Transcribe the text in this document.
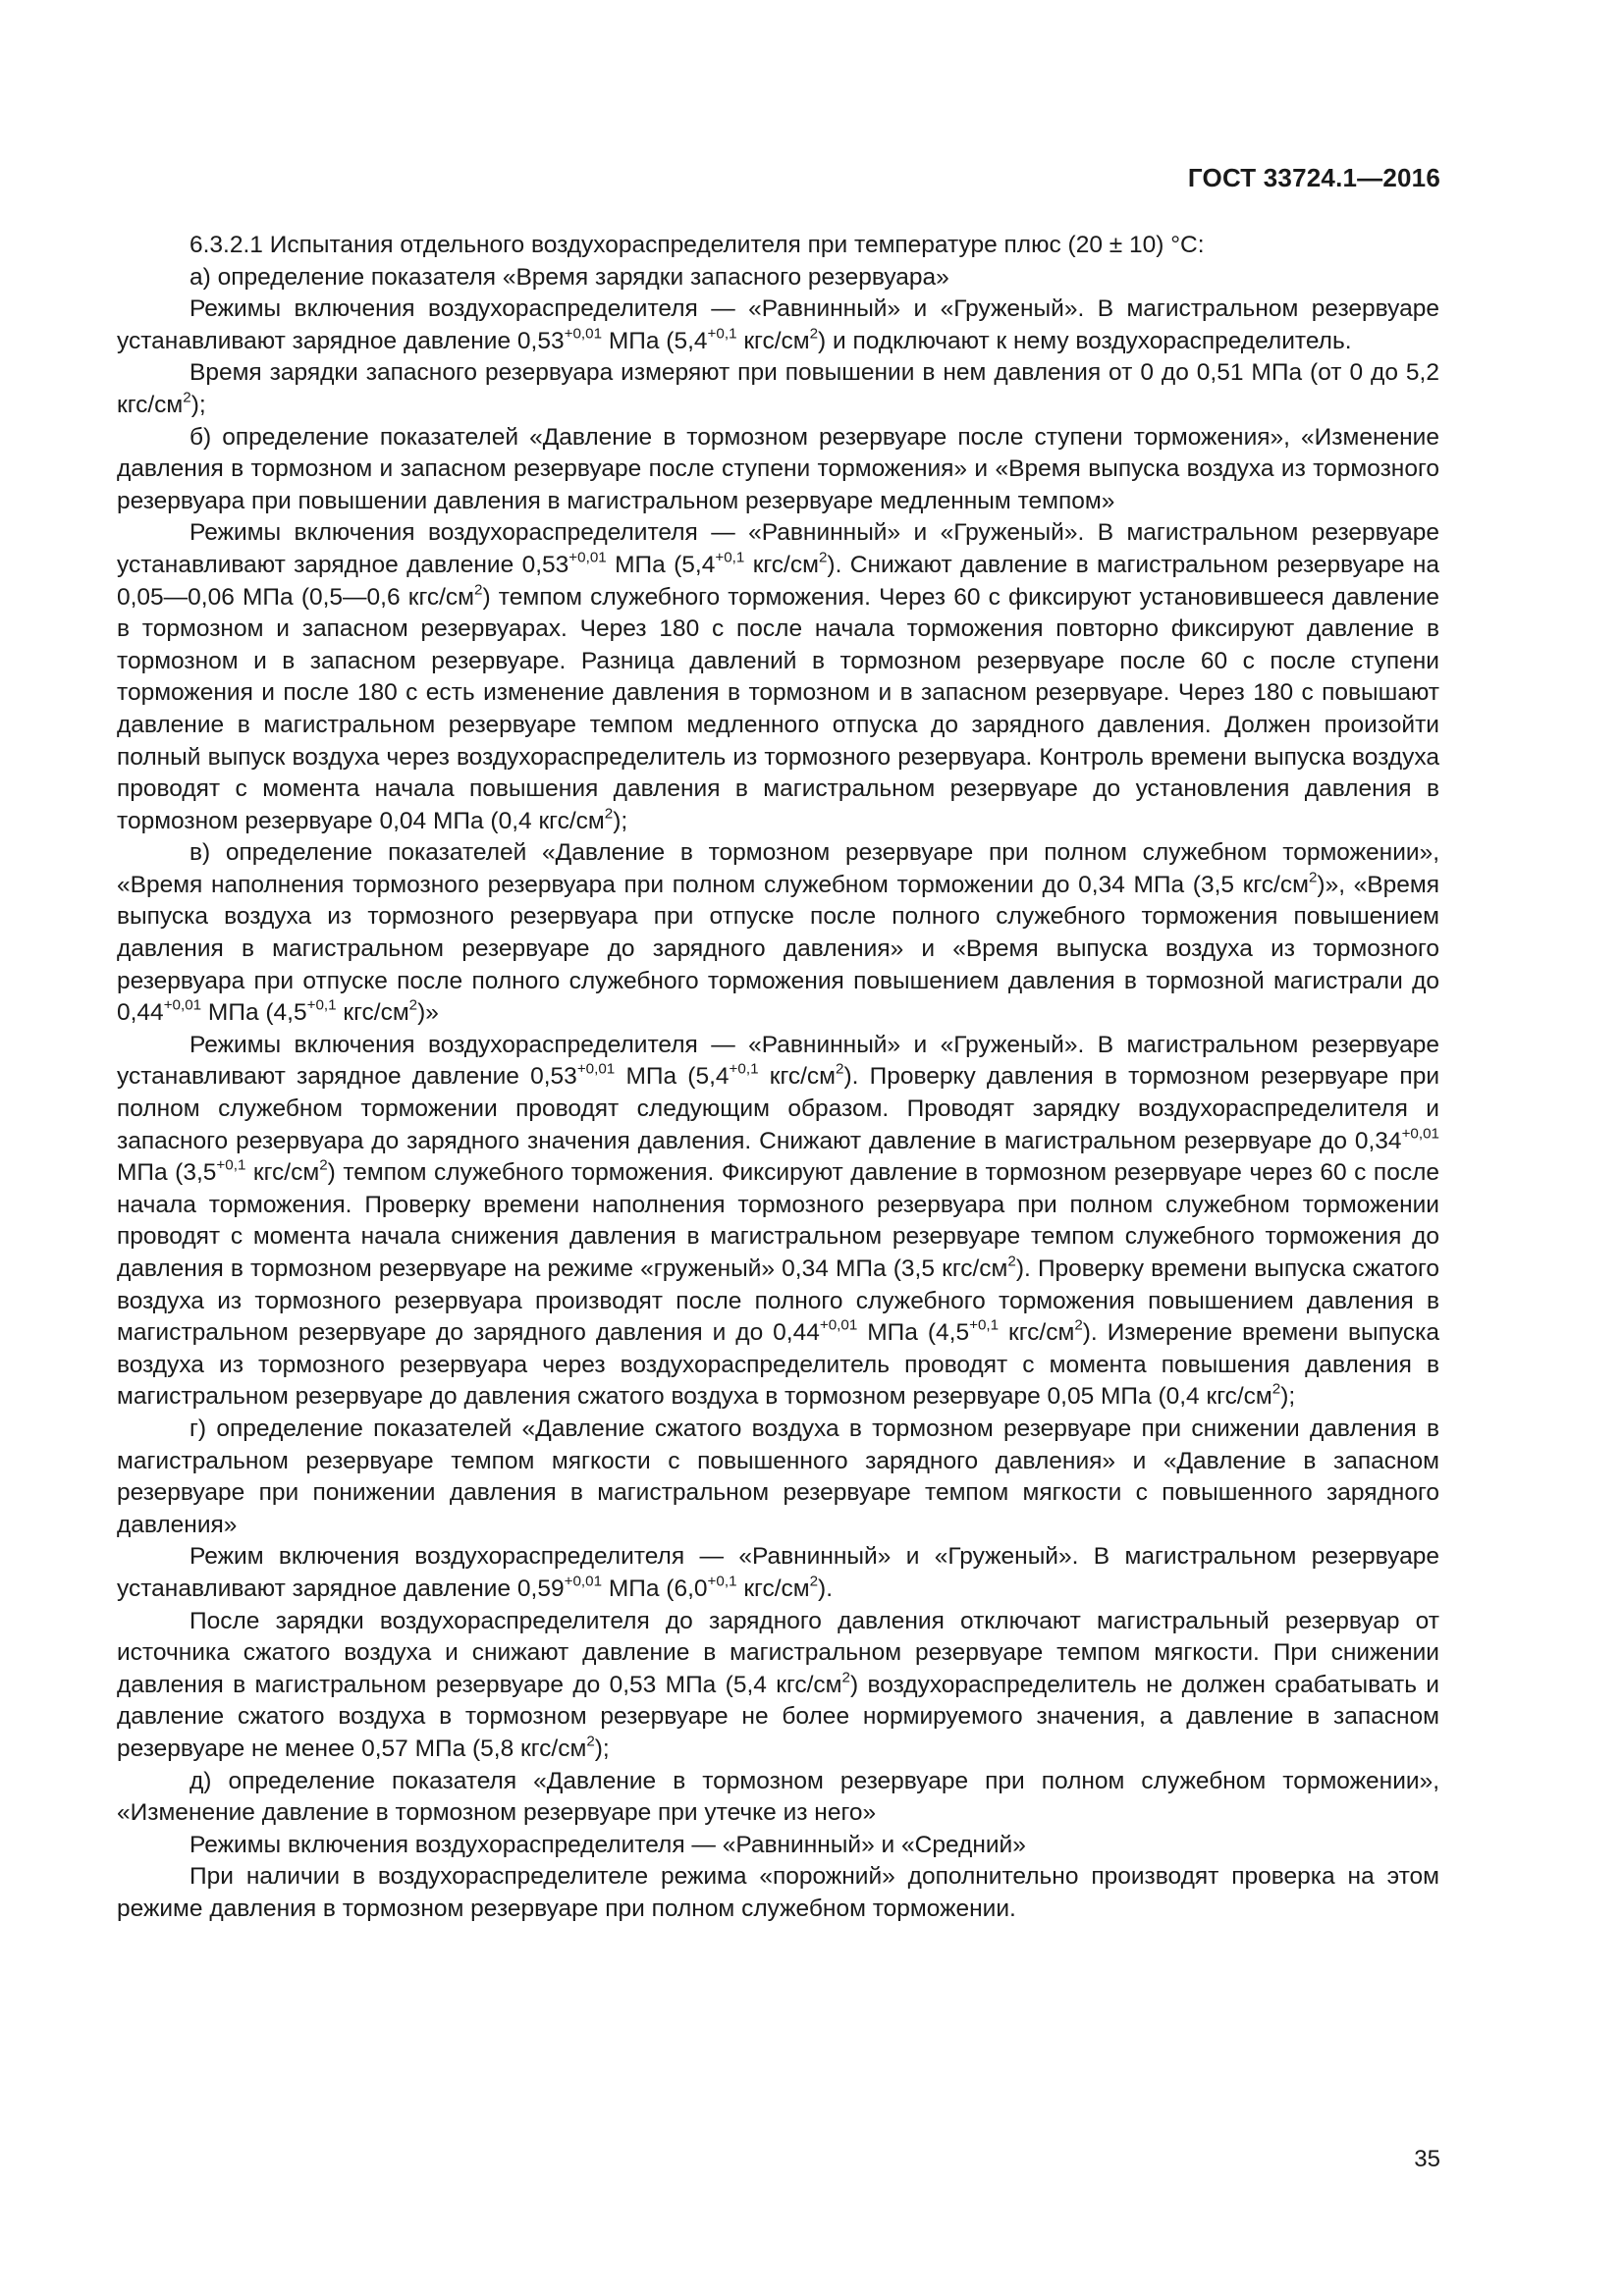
ГОСТ 33724.1—2016

6.3.2.1 Испытания отдельного воздухораспределителя при температуре плюс (20 ± 10) °С:

а) определение показателя «Время зарядки запасного резервуара»

Режимы включения воздухораспределителя — «Равнинный» и «Груженый». В магистральном резервуаре устанавливают зарядное давление $0,53^{+0,01}$ МПа ($5,4^{+0,1}$ кгс/$см^2$) и подключают к нему воздухораспределитель.

Время зарядки запасного резервуара измеряют при повышении в нем давления от 0 до 0,51 МПа (от 0 до 5,2 кгс/$см^2$);

б) определение показателей «Давление в тормозном резервуаре после ступени торможения», «Изменение давления в тормозном и запасном резервуаре после ступени торможения» и «Время выпуска воздуха из тормозного резервуара при повышении давления в магистральном резервуаре медленным темпом»

Режимы включения воздухораспределителя — «Равнинный» и «Груженый». В магистральном резервуаре устанавливают зарядное давление $0,53^{+0,01}$ МПа ($5,4^{+0,1}$ кгс/$см^2$). Снижают давление в магистральном резервуаре на 0,05—0,06 МПа (0,5—0,6 кгс/$см^2$) темпом служебного торможения. Через 60 с фиксируют установившееся давление в тормозном и запасном резервуарах. Через 180 с после начала торможения повторно фиксируют давление в тормозном и в запасном резервуаре. Разница давлений в тормозном резервуаре после 60 с после ступени торможения и после 180 с есть изменение давления в тормозном и в запасном резервуаре. Через 180 с повышают давление в магистральном резервуаре темпом медленного отпуска до зарядного давления. Должен произойти полный выпуск воздуха через воздухораспределитель из тормозного резервуара. Контроль времени выпуска воздуха проводят с момента начала повышения давления в магистральном резервуаре до установления давления в тормозном резервуаре 0,04 МПа (0,4 кгс/$см^2$);

в) определение показателей «Давление в тормозном резервуаре при полном служебном торможении», «Время наполнения тормозного резервуара при полном служебном торможении до 0,34 МПа (3,5 кгс/$см^2$)», «Время выпуска воздуха из тормозного резервуара при отпуске после полного служебного торможения повышением давления в магистральном резервуаре до зарядного давления» и «Время выпуска воздуха из тормозного резервуара при отпуске после полного служебного торможения повышением давления в тормозной магистрали до $0,44^{+0,01}$ МПа ($4,5^{+0,1}$ кгс/$см^2$)»

Режимы включения воздухораспределителя — «Равнинный» и «Груженый». В магистральном резервуаре устанавливают зарядное давление $0,53^{+0,01}$ МПа ($5,4^{+0,1}$ кгс/$см^2$). Проверку давления в тормозном резервуаре при полном служебном торможении проводят следующим образом. Проводят зарядку воздухораспределителя и запасного резервуара до зарядного значения давления. Снижают давление в магистральном резервуаре до $0,34^{+0,01}$ МПа ($3,5^{+0,1}$ кгс/$см^2$) темпом служебного торможения. Фиксируют давление в тормозном резервуаре через 60 с после начала торможения. Проверку времени наполнения тормозного резервуара при полном служебном торможении проводят с момента начала снижения давления в магистральном резервуаре темпом служебного торможения до давления в тормозном резервуаре на режиме «груженый» 0,34 МПа (3,5 кгс/$см^2$). Проверку времени выпуска сжатого воздуха из тормозного резервуара производят после полного служебного торможения повышением давления в магистральном резервуаре до зарядного давления и до $0,44^{+0,01}$ МПа ($4,5^{+0,1}$ кгс/$см^2$). Измерение времени выпуска воздуха из тормозного резервуара через воздухораспределитель проводят с момента повышения давления в магистральном резервуаре до давления сжатого воздуха в тормозном резервуаре 0,05 МПа (0,4 кгс/$см^2$);

г) определение показателей «Давление сжатого воздуха в тормозном резервуаре при снижении давления в магистральном резервуаре темпом мягкости с повышенного зарядного давления» и «Давление в запасном резервуаре при понижении давления в магистральном резервуаре темпом мягкости с повышенного зарядного давления»

Режим включения воздухораспределителя — «Равнинный» и «Груженый». В магистральном резервуаре устанавливают зарядное давление $0,59^{+0,01}$ МПа ($6,0^{+0,1}$ кгс/$см^2$).

После зарядки воздухораспределителя до зарядного давления отключают магистральный резервуар от источника сжатого воздуха и снижают давление в магистральном резервуаре темпом мягкости. При снижении давления в магистральном резервуаре до 0,53 МПа (5,4 кгс/$см^2$) воздухораспределитель не должен срабатывать и давление сжатого воздуха в тормозном резервуаре не более нормируемого значения, а давление в запасном резервуаре не менее 0,57 МПа (5,8 кгс/$см^2$);

д) определение показателя «Давление в тормозном резервуаре при полном служебном торможении», «Изменение давление в тормозном резервуаре при утечке из него»

Режимы включения воздухораспределителя — «Равнинный» и «Средний»

При наличии в воздухораспределителе режима «порожний» дополнительно производят проверка на этом режиме давления в тормозном резервуаре при полном служебном торможении.

35
